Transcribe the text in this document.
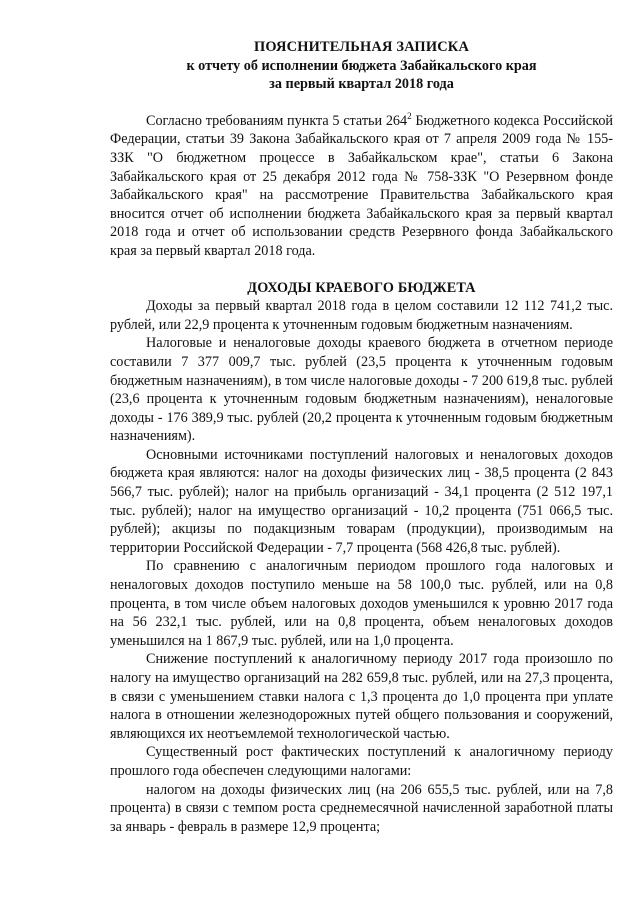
ПОЯСНИТЕЛЬНАЯ ЗАПИСКА

к отчету об исполнении бюджета Забайкальского края

за первый квартал 2018 года

Согласно требованиям пункта 5 статьи $264^2$ Бюджетного кодекса Российской Федерации, статьи 39 Закона Забайкальского края от 7 апреля 2009 года № 155-ЗЗК "О бюджетном процессе в Забайкальском крае", статьи 6 Закона Забайкальского края от 25 декабря 2012 года № 758-ЗЗК "О Резервном фонде Забайкальского края" на рассмотрение Правительства Забайкальского края вносится отчет об исполнении бюджета Забайкальского края за первый квартал 2018 года и отчет об использовании средств Резервного фонда Забайкальского края за первый квартал 2018 года.

ДОХОДЫ КРАЕВОГО БЮДЖЕТА

Доходы за первый квартал 2018 года в целом составили 12 112 741,2 тыс. рублей, или 22,9 процента к уточненным годовым бюджетным назначениям.

Налоговые и неналоговые доходы краевого бюджета в отчетном периоде составили 7 377 009,7 тыс. рублей (23,5 процента к уточненным годовым бюджетным назначениям), в том числе налоговые доходы - 7 200 619,8 тыс. рублей (23,6 процента к уточненным годовым бюджетным назначениям), неналоговые доходы - 176 389,9 тыс. рублей (20,2 процента к уточненным годовым бюджетным назначениям).

Основными источниками поступлений налоговых и неналоговых доходов бюджета края являются: налог на доходы физических лиц - 38,5 процента (2 843 566,7 тыс. рублей); налог на прибыль организаций - 34,1 процента (2 512 197,1 тыс. рублей); налог на имущество организаций - 10,2 процента (751 066,5 тыс. рублей); акцизы по подакцизным товарам (продукции), производимым на территории Российской Федерации - 7,7 процента (568 426,8 тыс. рублей).

По сравнению с аналогичным периодом прошлого года налоговых и неналоговых доходов поступило меньше на 58 100,0 тыс. рублей, или на 0,8 процента, в том числе объем налоговых доходов уменьшился к уровню 2017 года на 56 232,1 тыс. рублей, или на 0,8 процента, объем неналоговых доходов уменьшился на 1 867,9 тыс. рублей, или на 1,0 процента.

Снижение поступлений к аналогичному периоду 2017 года произошло по налогу на имущество организаций на 282 659,8 тыс. рублей, или на 27,3 процента, в связи с уменьшением ставки налога с 1,3 процента до 1,0 процента при уплате налога в отношении железнодорожных путей общего пользования и сооружений, являющихся их неотъемлемой технологической частью.

Существенный рост фактических поступлений к аналогичному периоду прошлого года обеспечен следующими налогами:

налогом на доходы физических лиц (на 206 655,5 тыс. рублей, или на 7,8 процента) в связи с темпом роста среднемесячной начисленной заработной платы за январь - февраль в размере 12,9 процента;
